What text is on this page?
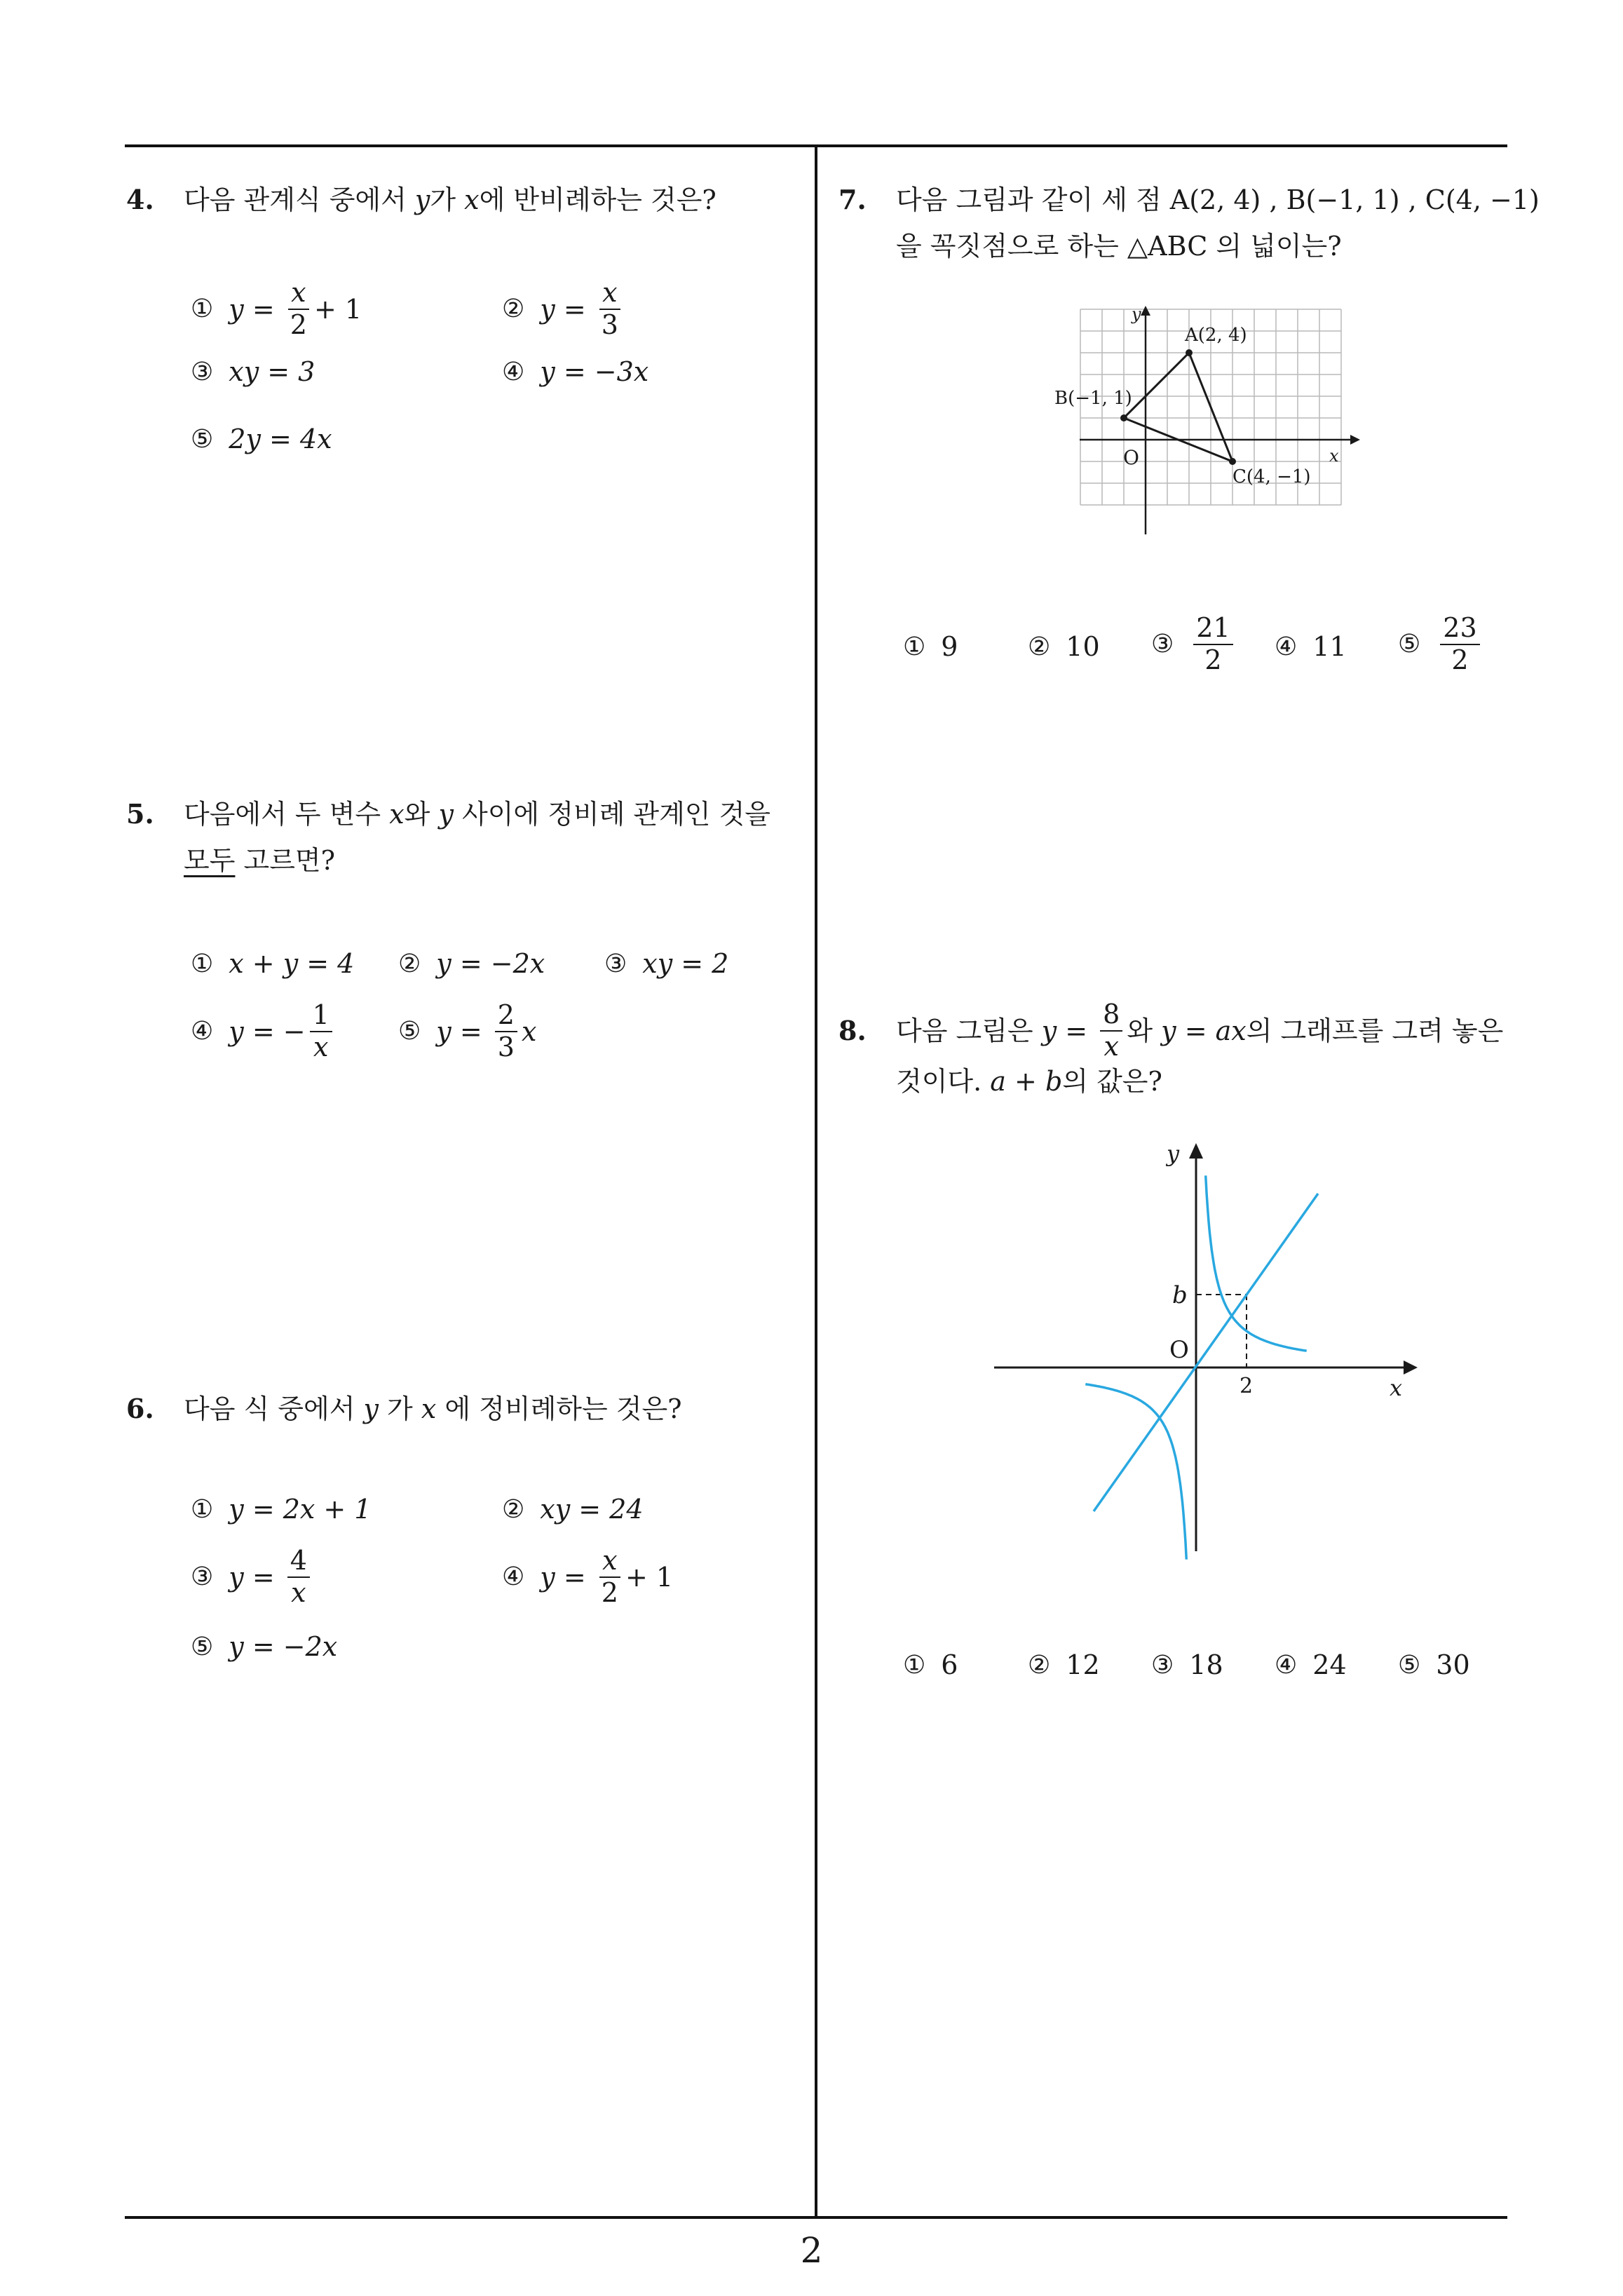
4. 다음 관계식 중에서 y가 x에 반비례하는 것은?
① $y = \frac{x}{2} + 1$	② $y = \frac{x}{3}$
③ xy = 3	④ y = −3x
⑤ 2y = 4x
5. 다음에서 두 변수 x와 y 사이에 정비례 관계인 것을
모두 고르면?
① x + y = 4 ② y = −2x ③ xy = 2
④ y = − $\frac{1}{x}$	⑤ $y = \frac{2}{3}$ x
6. 다음 식 중에서 y 가 x 에 정비례하는 것은?
① y = 2x + 1	② xy = 24
③ $y = \frac{4}{x}$	④ $y = \frac{x}{2} + 1$
⑤ y = −2x
7. 다음 그림과 같이 세 점 A(2, 4) , B(−1, 1) , C(4, −1)
을 꼭짓점으로 하는 △ABC 의 넓이는?
A(2, 4)
B(−1, 1)
C(4, −1)
O	x
y
① 9	② 10 ③ $\frac{21}{2}$ ④ 11 ⑤ $\frac{23}{2}$
8. 다음 그림은 $y = \frac{8}{x}$ 와 y = ax 의 그래프를 그려 놓은
것이다. a + b의 값은?
y
x
O
b
2
① 6	② 12 ③ 18 ④ 24 ⑤ 30
2
